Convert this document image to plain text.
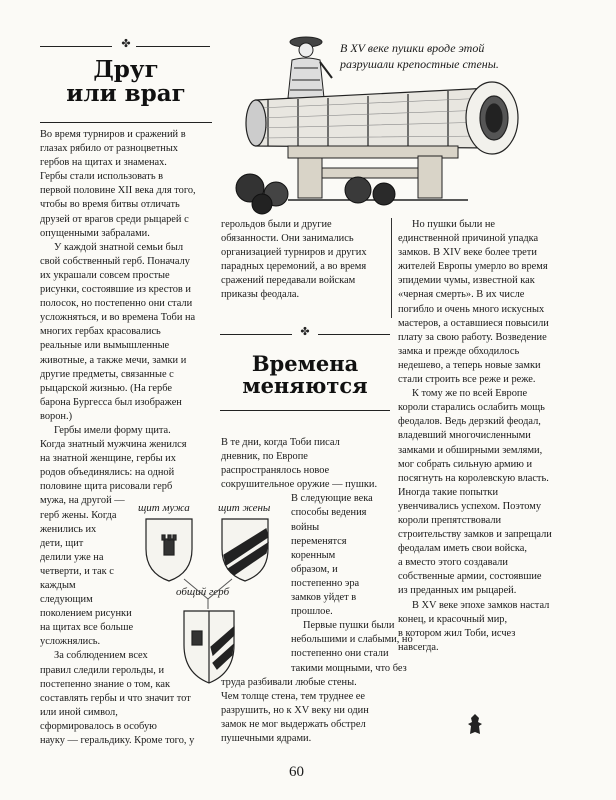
✤
Друг
или враг
Во время турниров и сражений в
глазах рябило от разноцветных
гербов на щитах и знаменах.
Гербы стали использовать в
первой половине XII века для того,
чтобы во время битвы отличать
друзей от врагов среди рыцарей с
опущенными забралами.
У каждой знатной семьи был
свой собственный герб. Поначалу
их украшали совсем простые
рисунки, состоявшие из крестов и
полосок, но постепенно они стали
усложняться, и во времена Тоби на
многих гербах красовались
реальные или вымышленные
животные, а также мечи, замки и
другие предметы, связанные с
рыцарской жизнью. (На гербе
барона Бургесса был изображен
ворон.)
Гербы имели форму щита.
Когда знатный мужчина женился
на знатной женщине, гербы их
родов объединялись: на одной
половине щита рисовали герб
мужа, на другой —
герб жены. Когда
женились их
дети, щит
делили уже на
четверти, и так с
каждым
следующим
поколением рисунки
на щитах все больше
усложнялись.
За соблюдением всех
правил следили герольды, и
постепенно знание о том, как
составлять гербы и что значит тот
или иной символ,
сформировалось в особую
науку — геральдику. Кроме того, у
В XV веке пушки вроде этой разрушали крепостные стены.
герольдов были и другие
обязанности. Они занимались
организацией турниров и других
парадных церемоний, а во время
сражений передавали войскам
приказы феодала.
✤
Времена
меняются
В те дни, когда Тоби писал
дневник, по Европе
распространялось новое
сокрушительное оружие — пушки.
В следующие века
способы ведения
войны
переменятся
коренным
образом, и
постепенно эра
замков уйдет в
прошлое.
Первые пушки были
небольшими и слабыми, но
постепенно они стали
такими мощными, что без
труда разбивали любые стены.
Чем толще стена, тем труднее ее
разрушить, но к XV веку ни один
замок не мог выдержать обстрел
пушечными ядрами.
Но пушки были не
единственной причиной упадка
замков. В XIV веке более трети
жителей Европы умерло во время
эпидемии чумы, известной как
«черная смерть». В их числе
погибло и очень много искусных
мастеров, а оставшиеся повысили
плату за свою работу. Возведение
замка и прежде обходилось
недешево, а теперь новые замки
стали строить все реже и реже.
К тому же по всей Европе
короли старались ослабить мощь
феодалов. Ведь дерзкий феодал,
владевший многочисленными
замками и обширными землями,
мог собрать сильную армию и
посягнуть на королевскую власть.
Иногда такие попытки
увенчивались успехом. Поэтому
короли препятствовали
строительству замков и запрещали
феодалам иметь свои войска,
а вместо этого создавали
собственные армии, состоявшие
из преданных им рыцарей.
В XV веке эпохе замков настал
конец, и красочный мир,
в котором жил Тоби, исчез
навсегда.
щит мужа	щит жены
общий герб
60
